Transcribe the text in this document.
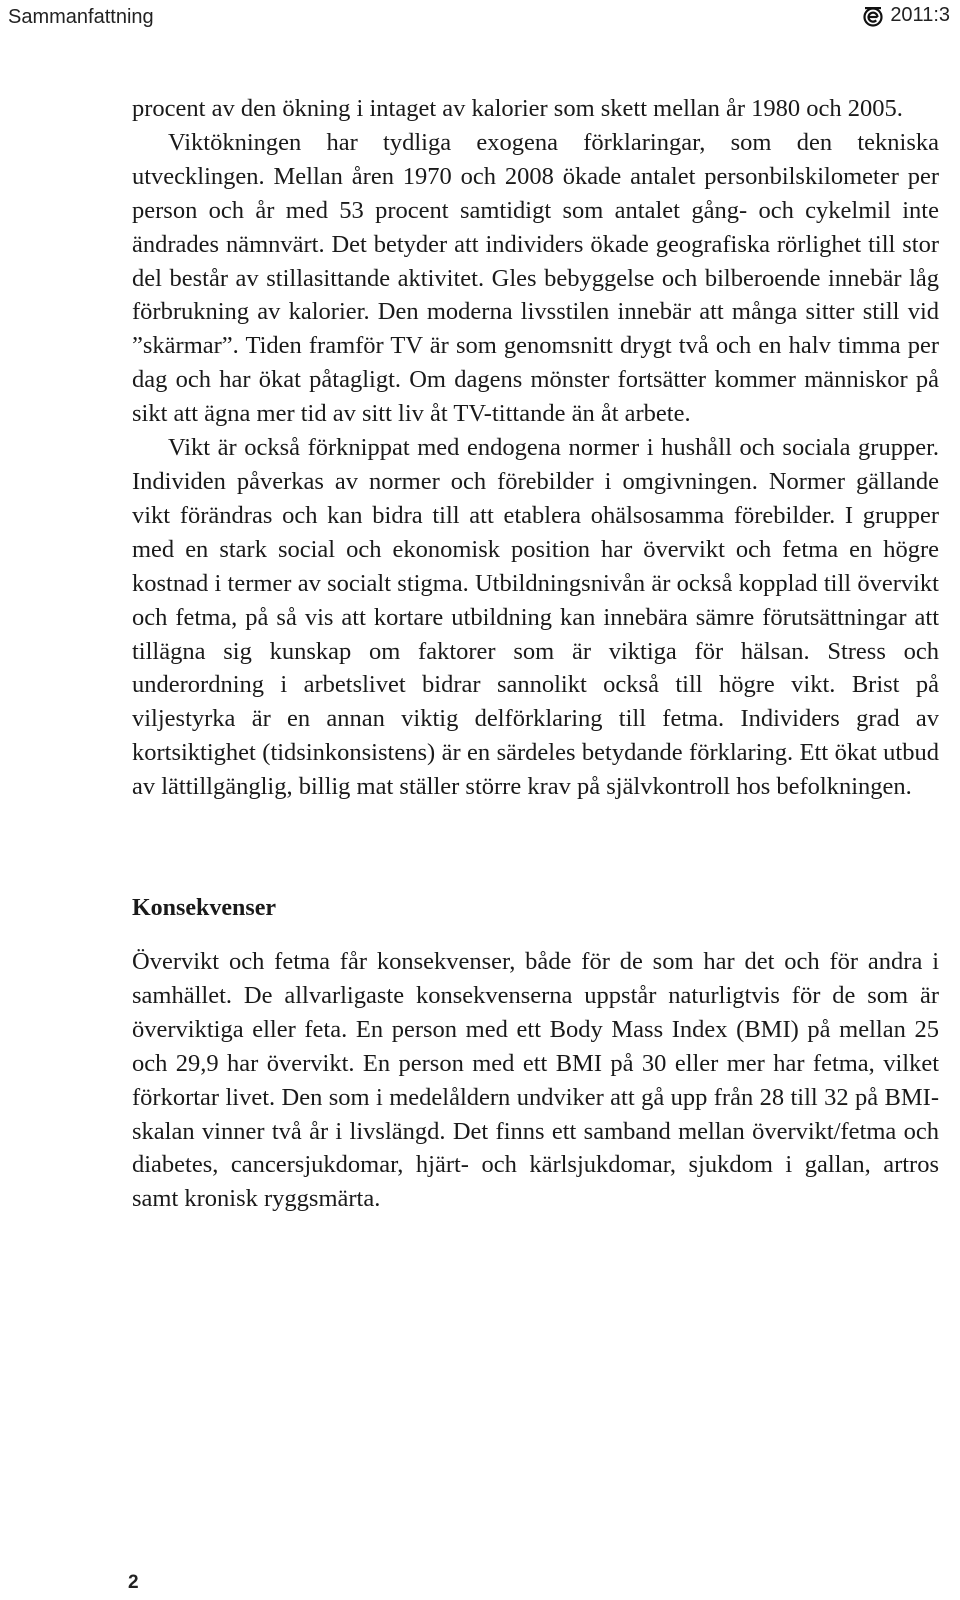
Sammanfattning	2011:3

procent av den ökning i intaget av kalorier som skett mellan år 1980 och 2005.

Viktökningen har tydliga exogena förklaringar, som den tekniska utvecklingen. Mellan åren 1970 och 2008 ökade antalet personbilskilometer per person och år med 53 procent samtidigt som antalet gång- och cykelmil inte ändrades nämnvärt. Det betyder att individers ökade geografiska rörlighet till stor del består av stillasittande aktivitet. Gles bebyggelse och bilberoende innebär låg förbrukning av kalorier. Den moderna livsstilen innebär att många sitter still vid ”skärmar”. Tiden framför TV är som genomsnitt drygt två och en halv timma per dag och har ökat påtagligt. Om dagens mönster fortsätter kommer människor på sikt att ägna mer tid av sitt liv åt TV-tittande än åt arbete.

Vikt är också förknippat med endogena normer i hushåll och sociala grupper. Individen påverkas av normer och förebilder i omgivningen. Normer gällande vikt förändras och kan bidra till att etablera ohälsosamma förebilder. I grupper med en stark social och ekonomisk position har övervikt och fetma en högre kostnad i termer av socialt stigma. Utbildningsnivån är också kopplad till övervikt och fetma, på så vis att kortare utbildning kan innebära sämre förutsättningar att tillägna sig kunskap om faktorer som är viktiga för hälsan. Stress och underordning i arbetslivet bidrar sannolikt också till högre vikt. Brist på viljestyrka är en annan viktig delförklaring till fetma. Individers grad av kortsiktighet (tidsinkonsistens) är en särdeles betydande förklaring. Ett ökat utbud av lättillgänglig, billig mat ställer större krav på självkontroll hos befolkningen.

Konsekvenser

Övervikt och fetma får konsekvenser, både för de som har det och för andra i samhället. De allvarligaste konsekvenserna uppstår naturligtvis för de som är överviktiga eller feta. En person med ett Body Mass Index (BMI) på mellan 25 och 29,9 har övervikt. En person med ett BMI på 30 eller mer har fetma, vilket förkortar livet. Den som i medelåldern undviker att gå upp från 28 till 32 på BMI-skalan vinner två år i livslängd. Det finns ett samband mellan övervikt/fetma och diabetes, cancersjukdomar, hjärt- och kärlsjukdomar, sjukdom i gallan, artros samt kronisk ryggsmärta.

2
